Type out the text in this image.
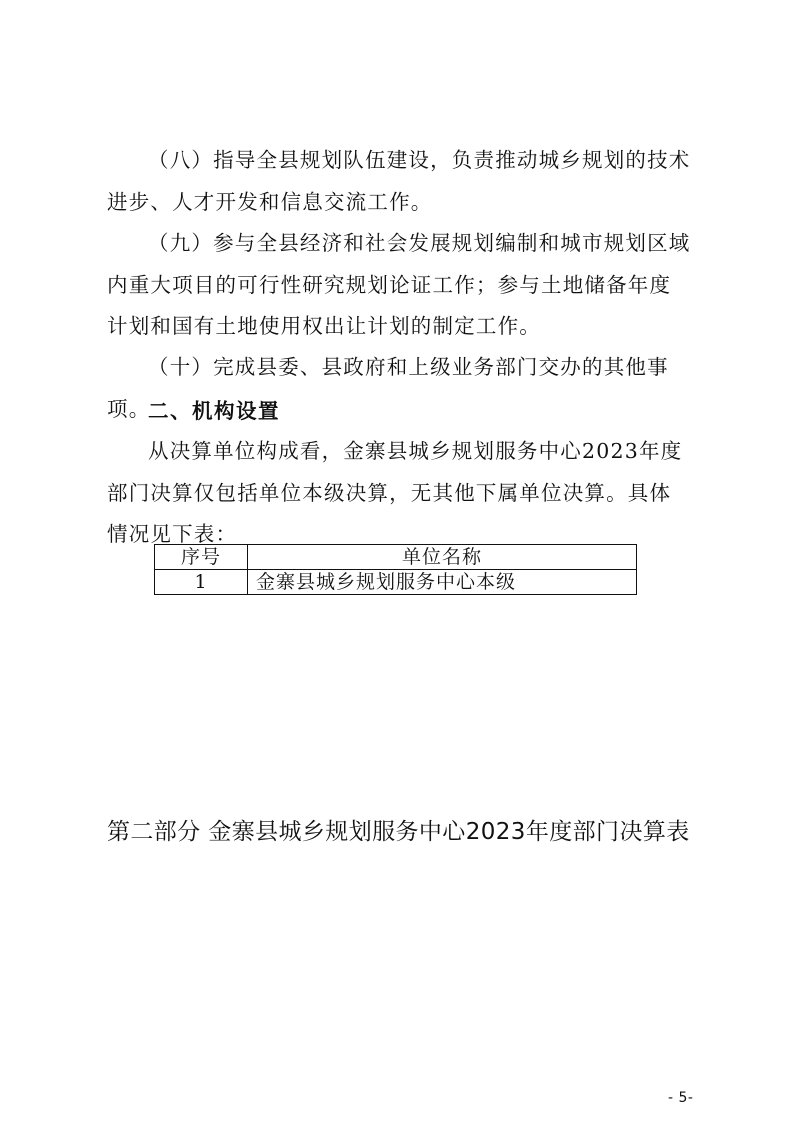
（八）指导全县规划队伍建设，负责推动城乡规划的技术进步、人才开发和信息交流工作。

（九）参与全县经济和社会发展规划编制和城市规划区域内重大项目的可行性研究规划论证工作；参与土地储备年度计划和国有土地使用权出让计划的制定工作。

（十）完成县委、县政府和上级业务部门交办的其他事项。

二、机构设置

从决算单位构成看，金寨县城乡规划服务中心2023年度部门决算仅包括单位本级决算，无其他下属单位决算。具体情况见下表：

序号	单位名称
1	金寨县城乡规划服务中心本级

第二部分 金寨县城乡规划服务中心2023年度部门决算表

- 5-
